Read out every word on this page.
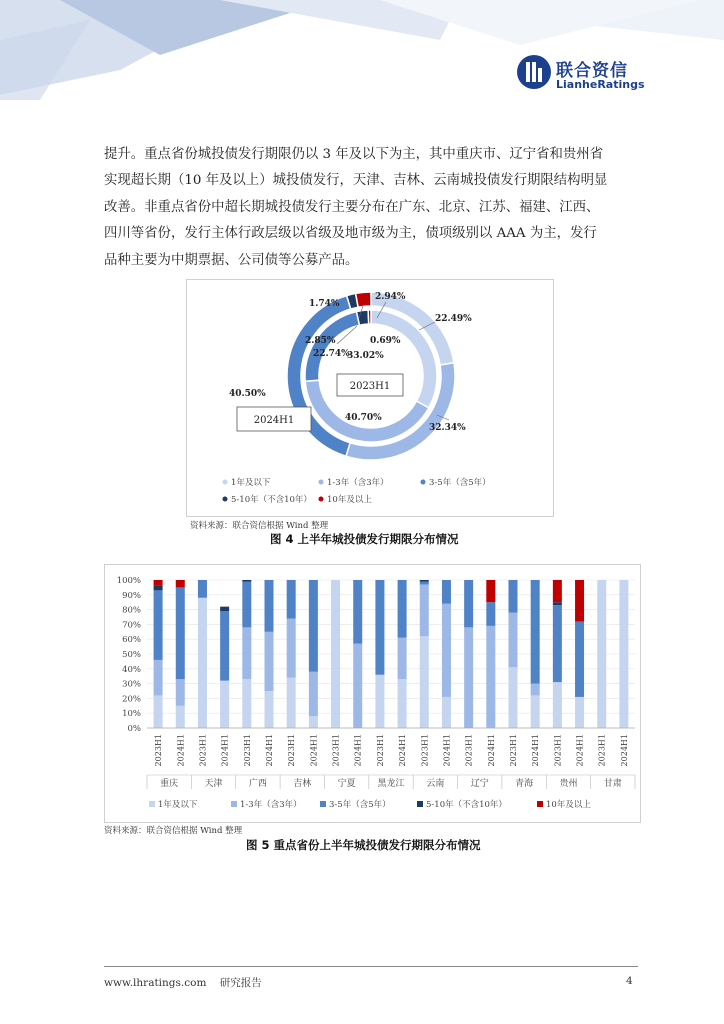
联合资信
LianheRatings
提升。重点省份城投债发行期限仍以 3 年及以下为主，其中重庆市、辽宁省和贵州省
实现超长期（10 年及以上）城投债发行，天津、吉林、云南城投债发行期限结构明显
改善。非重点省份中超长期城投债发行主要分布在广东、北京、江苏、福建、江西、
四川等省份，发行主体行政层级以省级及地市级为主，债项级别以 AAA 为主，发行
品种主要为中期票据、公司债等公募产品。
22.49%
32.34%
40.50%
1.74%
2.94%
33.02%
40.70%
22.74%
2.85%	0.69%
2023H1
2024H1
1年及以下	1-3年（含3年）	3-5年（含5年）
5-10年（不含10年） 10年及以上
资料来源：联合资信根据 Wind 整理
图 4 上半年城投债发行期限分布情况
0%
10%
20%
30%
40%
50%
60%
70%
80%
90%
100%
2023H1 2024H1 2023H1 2024H1 2023H1 2024H1 2023H1 2024H1 2023H1 2024H1 2023H1 2024H1 2023H1 2024H1 2023H1 2024H1 2023H1 2024H1 2023H1 2024H1 2023H1 2024H1
重庆	天津	广西	吉林	宁夏 黑龙江 云南	辽宁	青海	贵州	甘肃
1年及以下	1-3年（含3年）	3-5年（含5年）	5-10年（不含10年）	10年及以上
资料来源：联合资信根据 Wind 整理
图 5 重点省份上半年城投债发行期限分布情况
www.lhratings.com 研究报告	4
